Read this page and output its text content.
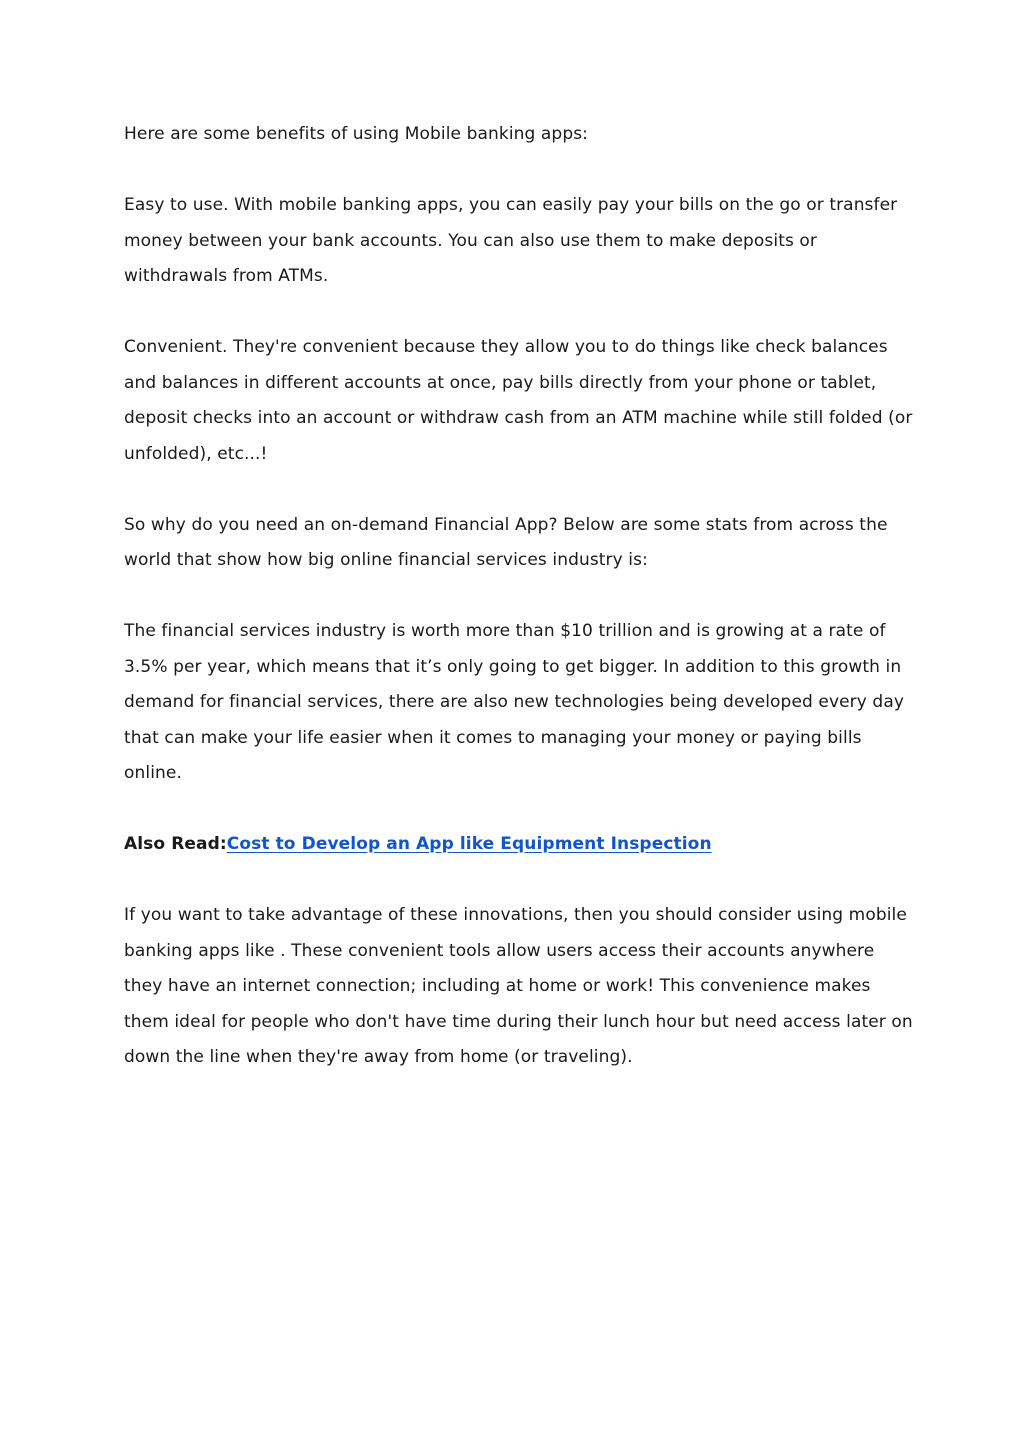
Here are some benefits of using Mobile banking apps:

Easy to use. With mobile banking apps, you can easily pay your bills on the go or transfer money between your bank accounts. You can also use them to make deposits or withdrawals from ATMs.

Convenient. They're convenient because they allow you to do things like check balances and balances in different accounts at once, pay bills directly from your phone or tablet, deposit checks into an account or withdraw cash from an ATM machine while still folded (or unfolded), etc...!

So why do you need an on-demand Financial App? Below are some stats from across the world that show how big online financial services industry is:

The financial services industry is worth more than $10 trillion and is growing at a rate of 3.5% per year, which means that it’s only going to get bigger. In addition to this growth in demand for financial services, there are also new technologies being developed every day that can make your life easier when it comes to managing your money or paying bills online.

Also Read:Cost to Develop an App like Equipment Inspection

If you want to take advantage of these innovations, then you should consider using mobile banking apps like . These convenient tools allow users access their accounts anywhere they have an internet connection; including at home or work! This convenience makes them ideal for people who don't have time during their lunch hour but need access later on down the line when they're away from home (or traveling).
